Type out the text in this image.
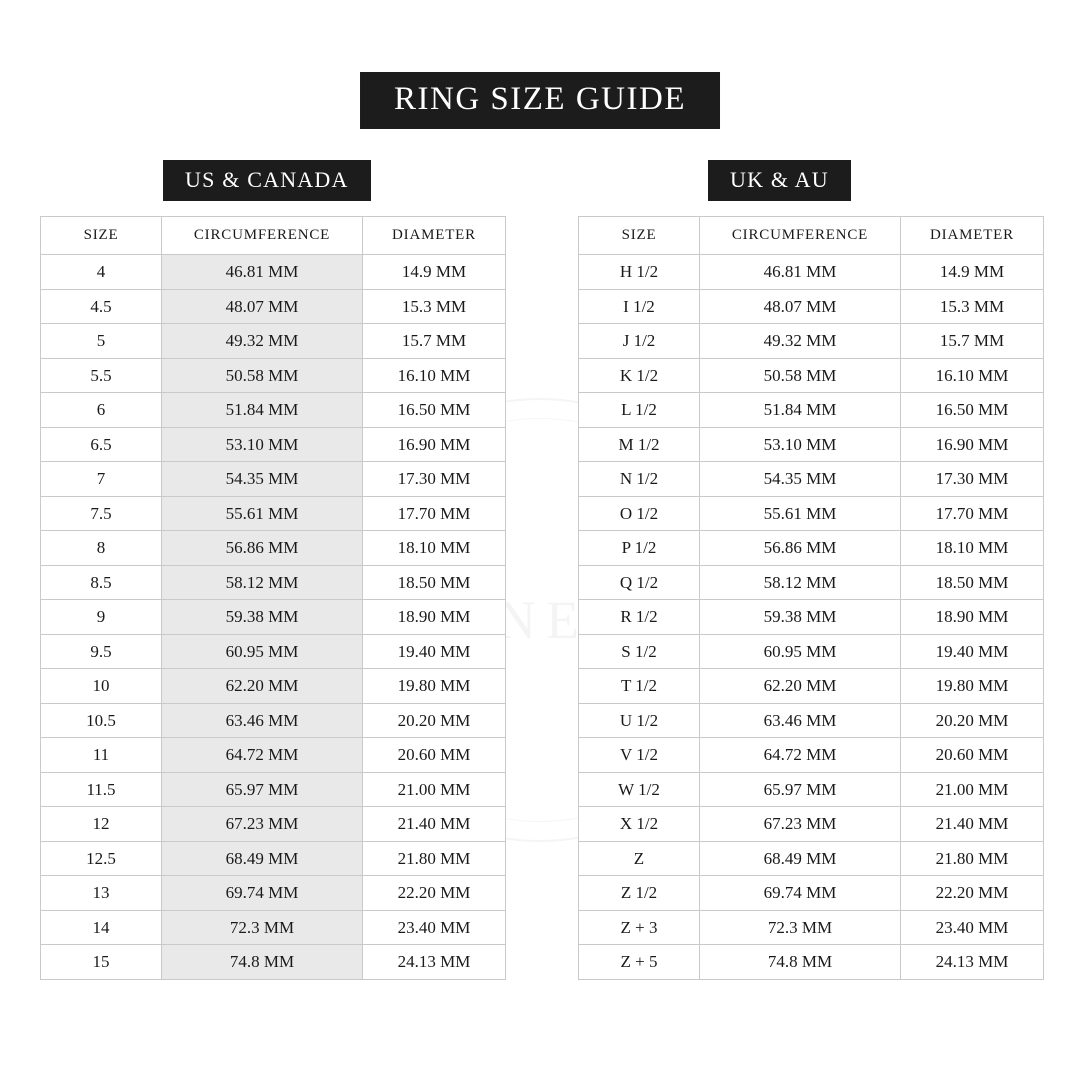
RING SIZE GUIDE
US & CANADA	UK & AU
SIZE	CIRCUMFERENCE	DIAMETER
4	46.81 MM	14.9 MM
4.5	48.07 MM	15.3 MM
5	49.32 MM	15.7 MM
5.5	50.58 MM	16.10 MM
6	51.84 MM	16.50 MM
6.5	53.10 MM	16.90 MM
7	54.35 MM	17.30 MM
7.5	55.61 MM	17.70 MM
8	56.86 MM	18.10 MM
8.5	58.12 MM	18.50 MM
9	59.38 MM	18.90 MM
9.5	60.95 MM	19.40 MM
10	62.20 MM	19.80 MM
10.5	63.46 MM	20.20 MM
11	64.72 MM	20.60 MM
11.5	65.97 MM	21.00 MM
12	67.23 MM	21.40 MM
12.5	68.49 MM	21.80 MM
13	69.74 MM	22.20 MM
14	72.3 MM	23.40 MM
15	74.8 MM	24.13 MM
SIZE	CIRCUMFERENCE	DIAMETER
H 1/2	46.81 MM	14.9 MM
I 1/2	48.07 MM	15.3 MM
J 1/2	49.32 MM	15.7 MM
K 1/2	50.58 MM	16.10 MM
L 1/2	51.84 MM	16.50 MM
M 1/2	53.10 MM	16.90 MM
N 1/2	54.35 MM	17.30 MM
O 1/2	55.61 MM	17.70 MM
P 1/2	56.86 MM	18.10 MM
Q 1/2	58.12 MM	18.50 MM
R 1/2	59.38 MM	18.90 MM
S 1/2	60.95 MM	19.40 MM
T 1/2	62.20 MM	19.80 MM
U 1/2	63.46 MM	20.20 MM
V 1/2	64.72 MM	20.60 MM
W 1/2	65.97 MM	21.00 MM
X 1/2	67.23 MM	21.40 MM
Z	68.49 MM	21.80 MM
Z 1/2	69.74 MM	22.20 MM
Z + 3	72.3 MM	23.40 MM
Z + 5	74.8 MM	24.13 MM
